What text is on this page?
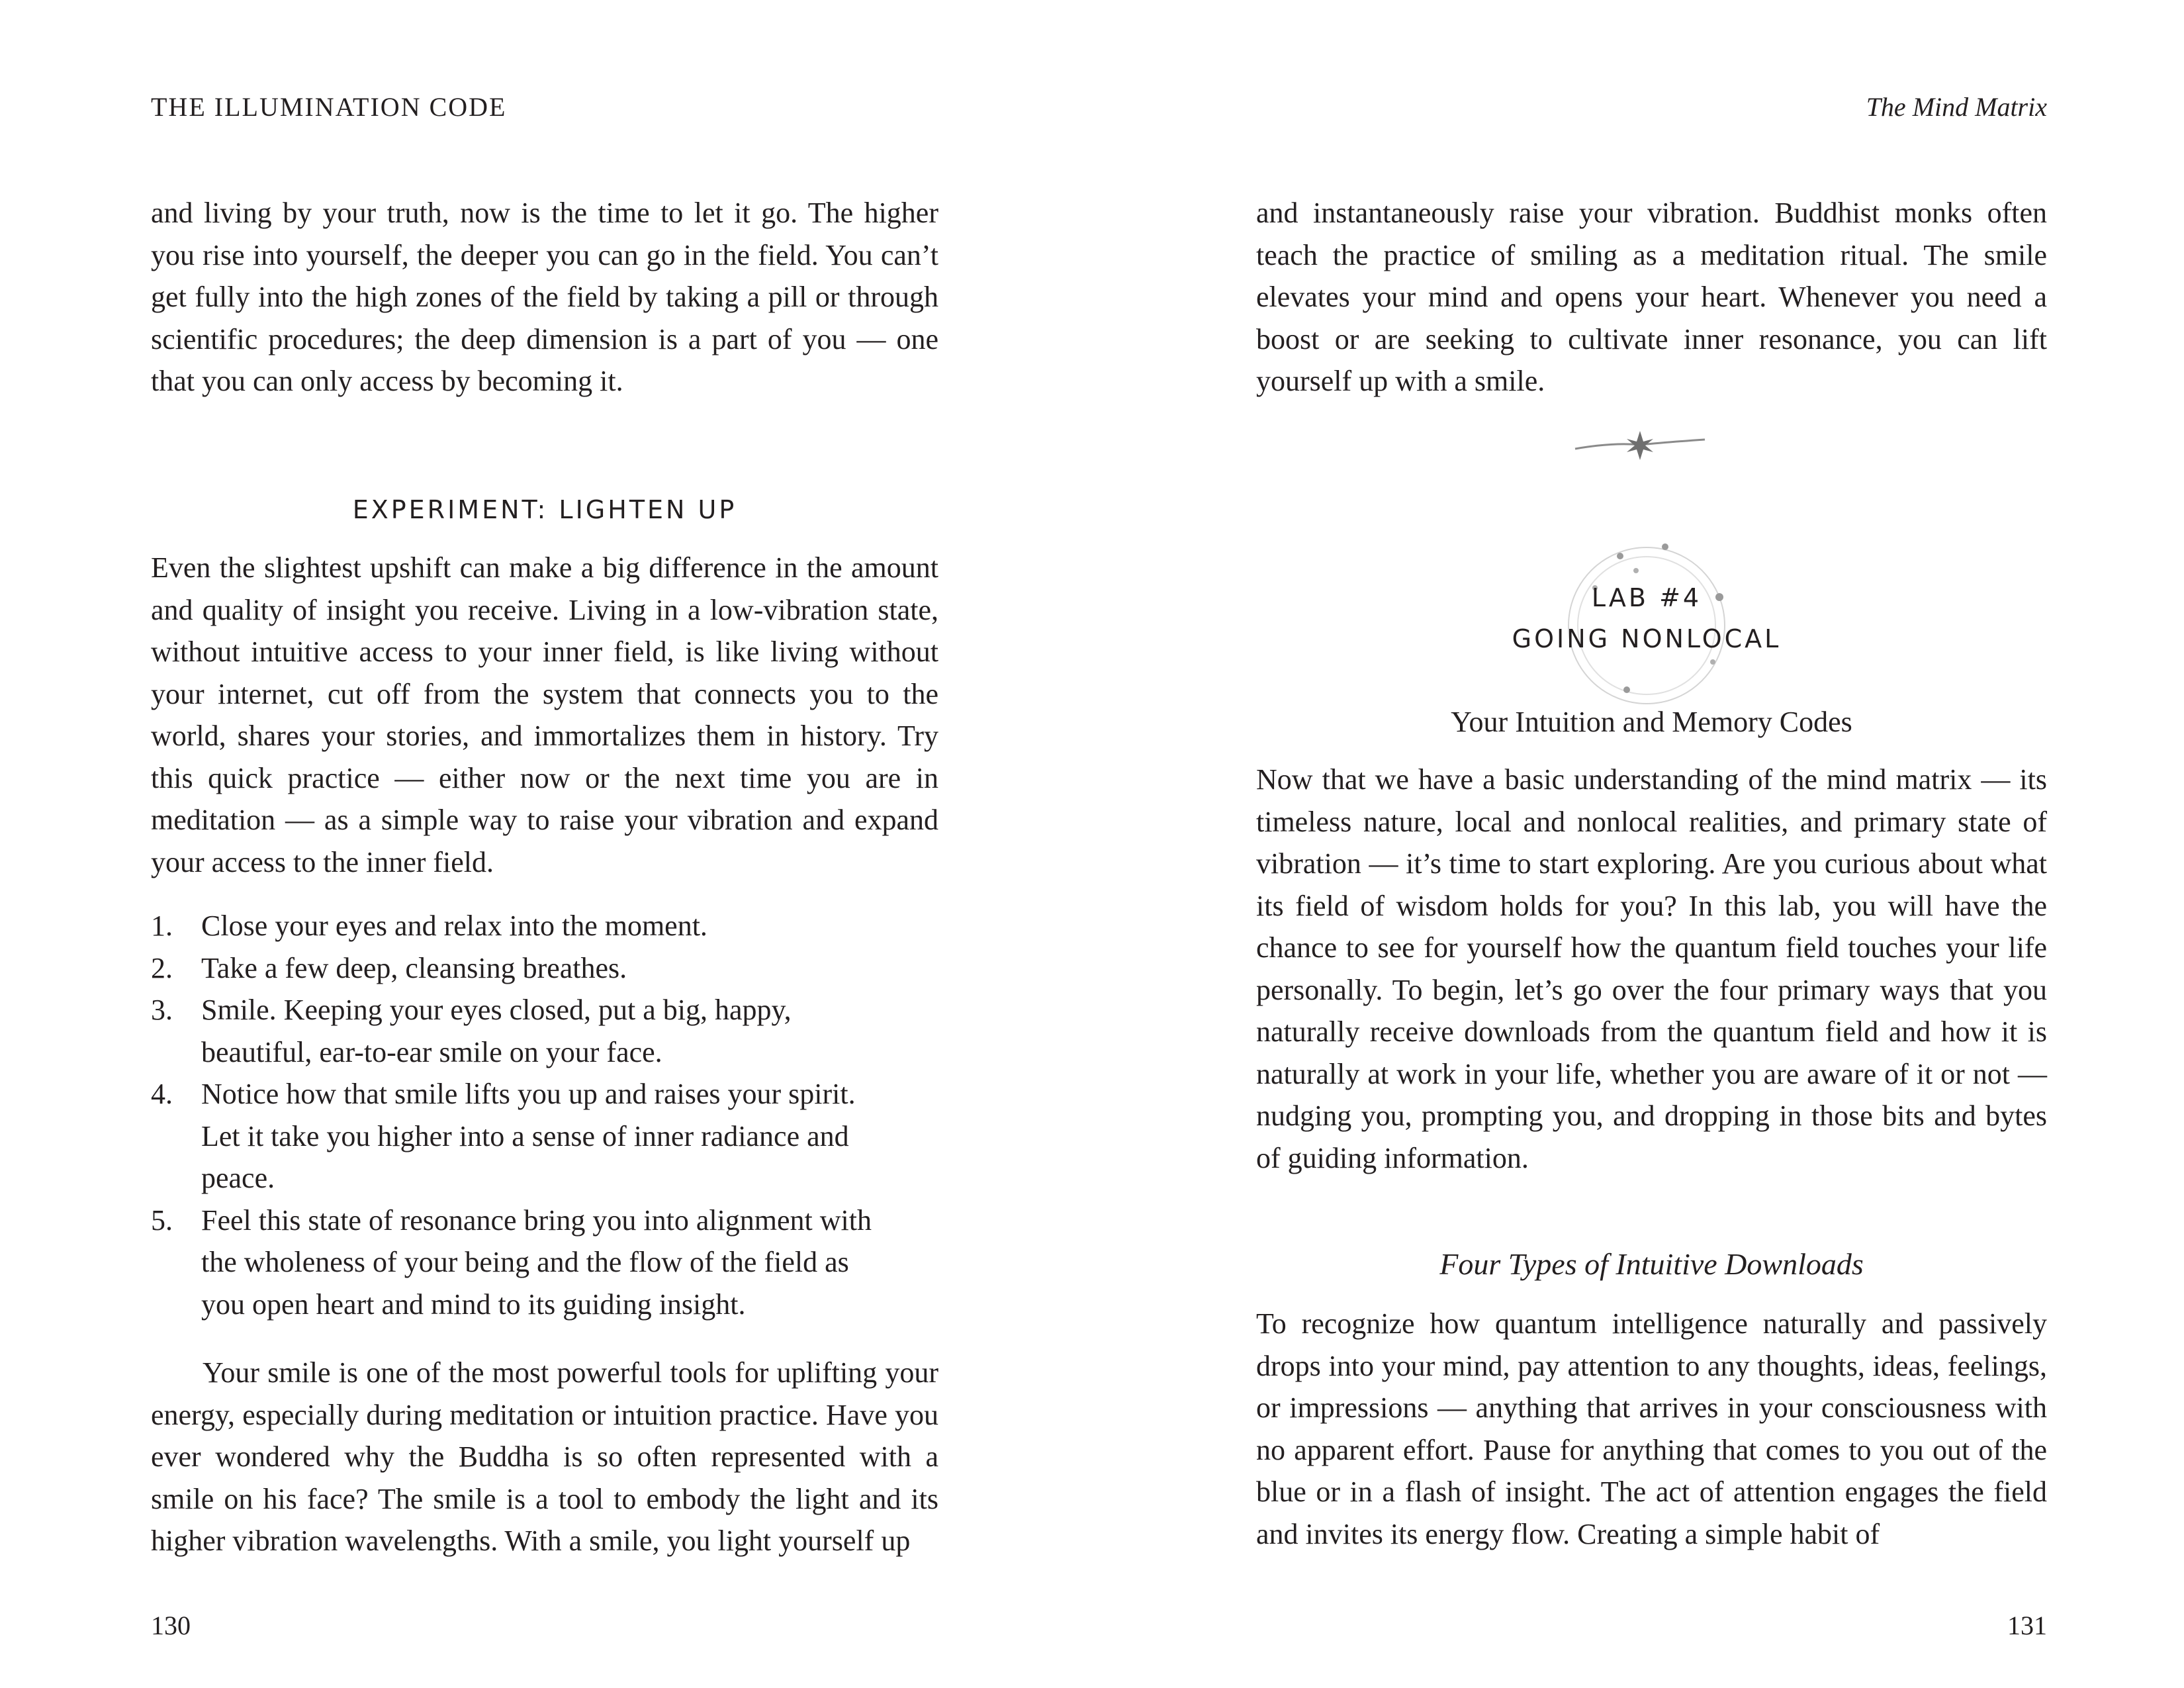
THE ILLUMINATION CODE

and living by your truth, now is the time to let it go. The higher you rise into yourself, the deeper you can go in the field. You can’t get fully into the high zones of the field by taking a pill or through scientific procedures; the deep dimension is a part of you — one that you can only access by becoming it.

EXPERIMENT: LIGHTEN UP

Even the slightest upshift can make a big difference in the amount and quality of insight you receive. Living in a low-vibration state, without intuitive access to your inner field, is like living without your internet, cut off from the system that connects you to the world, shares your stories, and immortalizes them in history. Try this quick practice — either now or the next time you are in meditation — as a simple way to raise your vibration and expand your access to the inner field.

1. Close your eyes and relax into the moment.
2. Take a few deep, cleansing breathes.
3. Smile. Keeping your eyes closed, put a big, happy, beautiful, ear-to-ear smile on your face.
4. Notice how that smile lifts you up and raises your spirit. Let it take you higher into a sense of inner radiance and peace.
5. Feel this state of resonance bring you into alignment with the wholeness of your being and the flow of the field as you open heart and mind to its guiding insight.

Your smile is one of the most powerful tools for uplifting your energy, especially during meditation or intuition practice. Have you ever wondered why the Buddha is so often represented with a smile on his face? The smile is a tool to embody the light and its higher vibration wavelengths. With a smile, you light yourself up

130
The Mind Matrix

and instantaneously raise your vibration. Buddhist monks often teach the practice of smiling as a meditation ritual. The smile elevates your mind and opens your heart. Whenever you need a boost or are seeking to cultivate inner resonance, you can lift yourself up with a smile.

LAB #4
GOING NONLOCAL
Your Intuition and Memory Codes

Now that we have a basic understanding of the mind matrix — its timeless nature, local and nonlocal realities, and primary state of vibration — it’s time to start exploring. Are you curious about what its field of wisdom holds for you? In this lab, you will have the chance to see for yourself how the quantum field touches your life personally. To begin, let’s go over the four primary ways that you naturally receive downloads from the quantum field and how it is naturally at work in your life, whether you are aware of it or not — nudging you, prompting you, and dropping in those bits and bytes of guiding information.

Four Types of Intuitive Downloads

To recognize how quantum intelligence naturally and passively drops into your mind, pay attention to any thoughts, ideas, feelings, or impressions — anything that arrives in your consciousness with no apparent effort. Pause for anything that comes to you out of the blue or in a flash of insight. The act of attention engages the field and invites its energy flow. Creating a simple habit of

131
